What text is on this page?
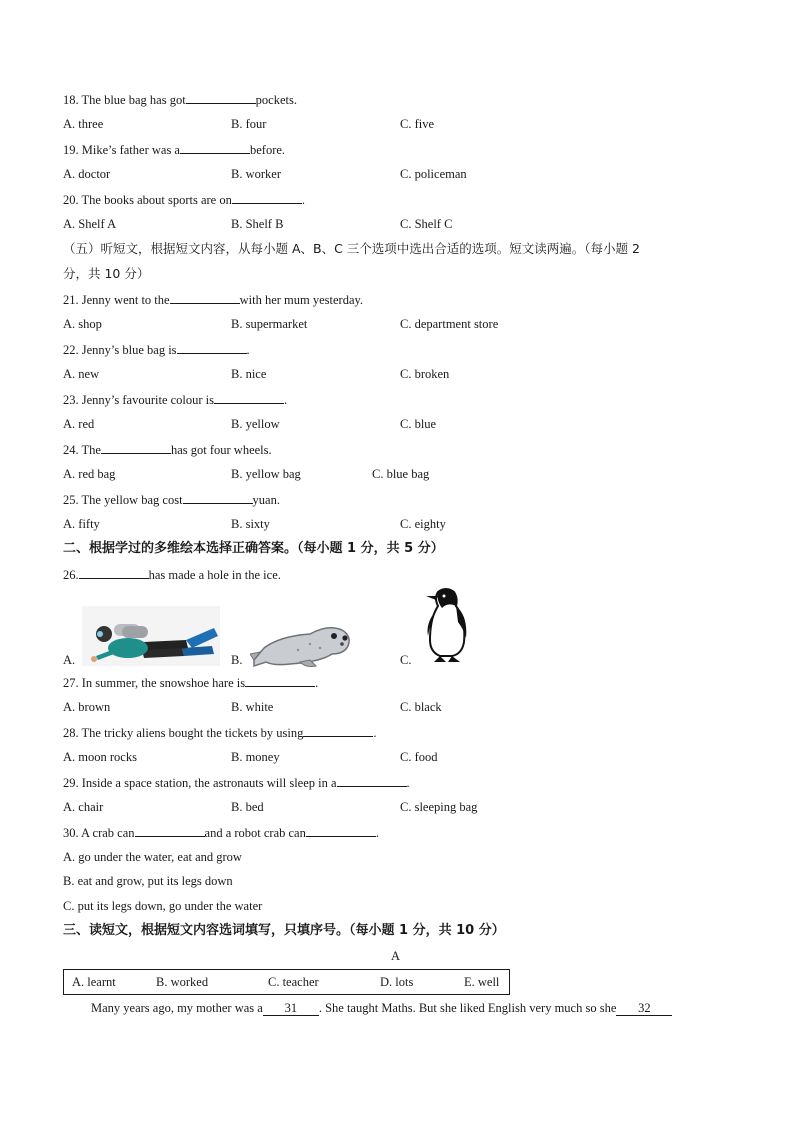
18. The blue bag has got	pockets.
A. three	B. four	C. five
19. Mike’s father was a	before.
A. doctor	B. worker	C. policeman
20. The books about sports are on	.
A. Shelf A	B. Shelf B	C. Shelf C
（五）听短文，根据短文内容，从每小题 A、B、C 三个选项中选出合适的选项。短文读两遍。（每小题 2
分，共 10 分）
21. Jenny went to the	with her mum yesterday.
A. shop	B. supermarket	C. department store
22. Jenny’s blue bag is	.
A. new	B. nice	C. broken
23. Jenny’s favourite colour is	.
A. red	B. yellow	C. blue
24. The	has got four wheels.
A. red bag	B. yellow bag	C. blue bag
25. The yellow bag cost	yuan.
A. fifty	B. sixty	C. eighty
二、根据学过的多维绘本选择正确答案。（每小题 1 分，共 5 分）
26.	has made a hole in the ice.
A.	B.	C.
27. In summer, the snowshoe hare is	.
A. brown	B. white	C. black
28. The tricky aliens bought the tickets by using	.
A. moon rocks	B. money	C. food
29. Inside a space station, the astronauts will sleep in a	.
A. chair	B. bed	C. sleeping bag
30. A crab can	and a robot crab can	.
A. go under the water, eat and grow
B. eat and grow, put its legs down
C. put its legs down, go under the water
三、读短文，根据短文内容选词填写，只填序号。（每小题 1 分，共 10 分）
A
A. learnt	B. worked	C. teacher	D. lots	E. well
Many years ago, my mother was a 31 . She taught Maths. But she liked English very much so she 32
